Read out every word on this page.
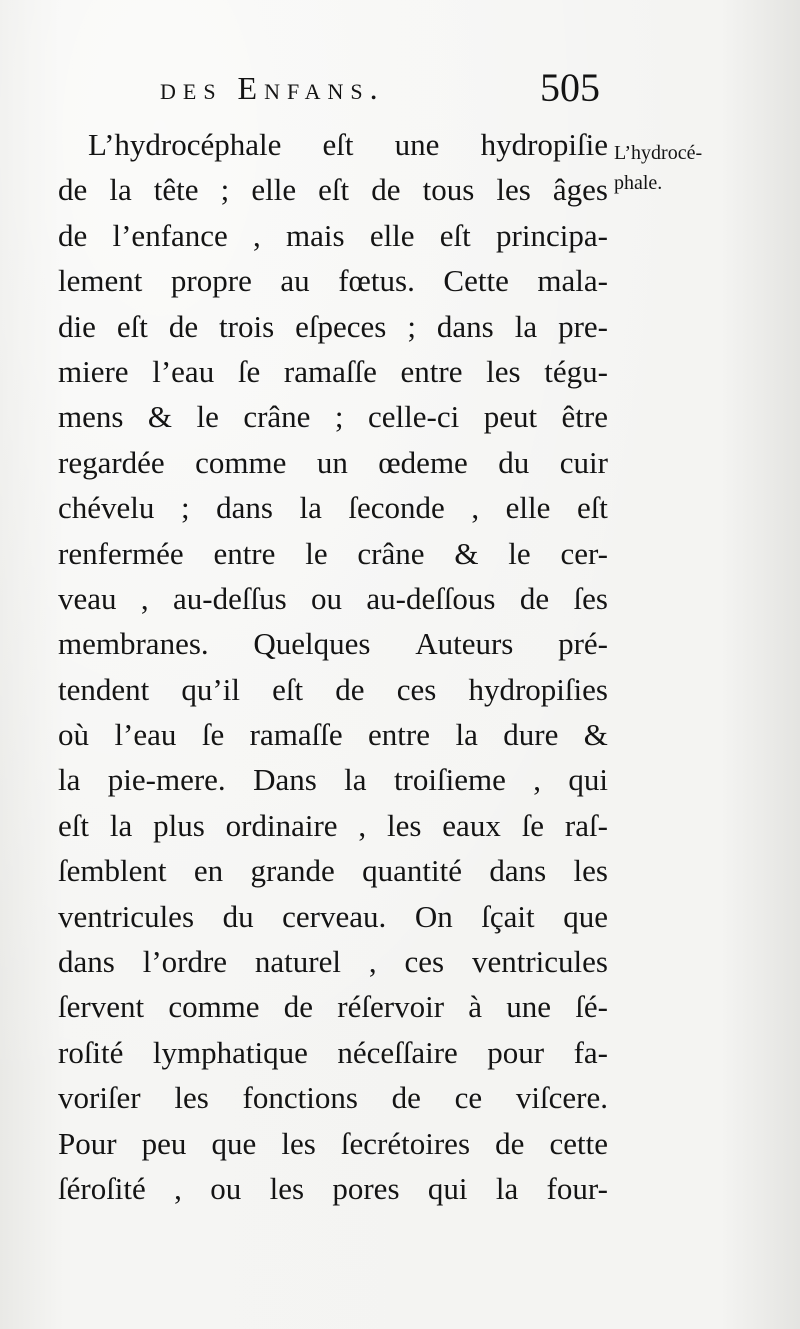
des Enfans.	505
L’hydrocé-
phale.
L’hydrocéphale eſt une hydropiſie
de la tête ; elle eſt de tous les âges
de l’enfance , mais elle eſt principa-
lement propre au fœtus. Cette mala-
die eſt de trois eſpeces ; dans la pre-
miere l’eau ſe ramaſſe entre les tégu-
mens & le crâne ; celle-ci peut être
regardée comme un œdeme du cuir
chévelu ; dans la ſeconde , elle eſt
renfermée entre le crâne & le cer-
veau , au-deſſus ou au-deſſous de ſes
membranes. Quelques Auteurs pré-
tendent qu’il eſt de ces hydropiſies
où l’eau ſe ramaſſe entre la dure &
la pie-mere. Dans la troiſieme , qui
eſt la plus ordinaire , les eaux ſe raſ-
ſemblent en grande quantité dans les
ventricules du cerveau. On ſçait que
dans l’ordre naturel , ces ventricules
ſervent comme de réſervoir à une ſé-
roſité lymphatique néceſſaire pour fa-
voriſer les fonctions de ce viſcere.
Pour peu que les ſecrétoires de cette
ſéroſité , ou les pores qui la four-
